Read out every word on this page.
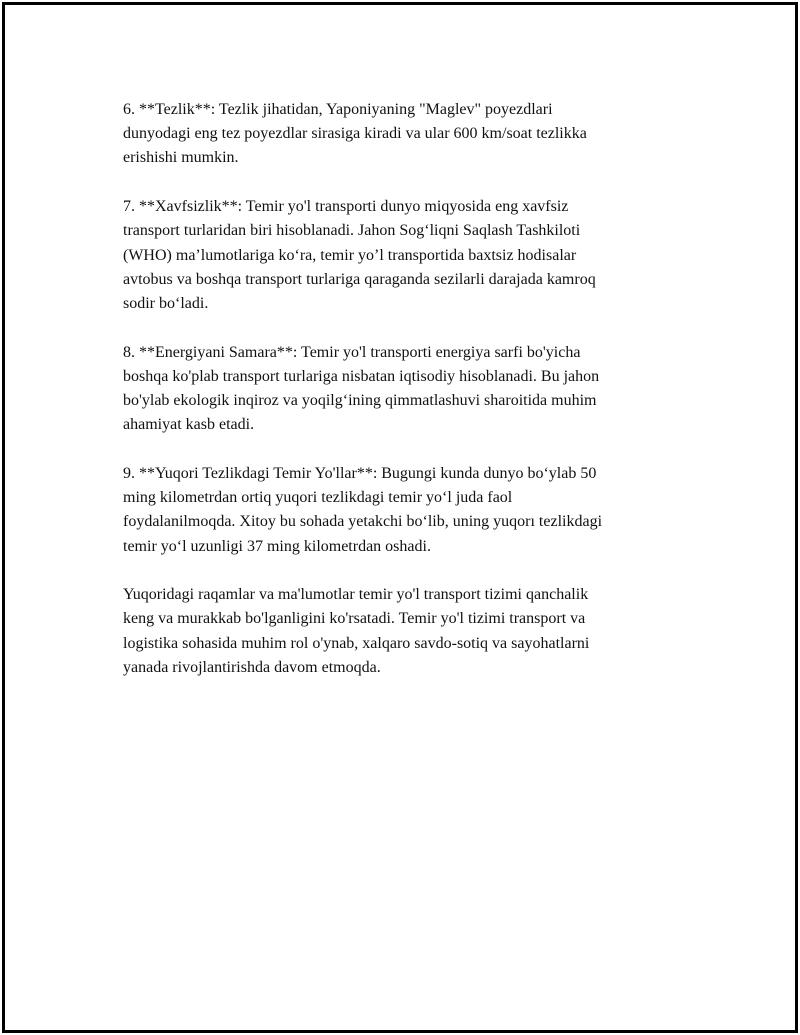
6. **Tezlik**: Tezlik jihatidan, Yaponiyaning "Maglev" poyezdlari
dunyodagi eng tez poyezdlar sirasiga kiradi va ular 600 km/soat tezlikka
erishishi mumkin.

7. **Xavfsizlik**: Temir yo'l transporti dunyo miqyosida eng xavfsiz
transport turlaridan biri hisoblanadi. Jahon Sog‘liqni Saqlash Tashkiloti
(WHO) ma’lumotlariga ko‘ra, temir yo’l transportida baxtsiz hodisalar
avtobus va boshqa transport turlariga qaraganda sezilarli darajada kamroq
sodir bo‘ladi.

8. **Energiyani Samara**: Temir yo'l transporti energiya sarfi bo'yicha
boshqa ko'plab transport turlariga nisbatan iqtisodiy hisoblanadi. Bu jahon
bo'ylab ekologik inqiroz va yoqilg‘ining qimmatlashuvi sharoitida muhim
ahamiyat kasb etadi.

9. **Yuqori Tezlikdagi Temir Yo'llar**: Bugungi kunda dunyo bo‘ylab 50
ming kilometrdan ortiq yuqori tezlikdagi temir yo‘l juda faol
foydalanilmoqda. Xitoy bu sohada yetakchi bo‘lib, uning yuqorı tezlikdagi
temir yo‘l uzunligi 37 ming kilometrdan oshadi.

Yuqoridagi raqamlar va ma'lumotlar temir yo'l transport tizimi qanchalik
keng va murakkab bo'lganligini ko'rsatadi. Temir yo'l tizimi transport va
logistika sohasida muhim rol o'ynab, xalqaro savdo-sotiq va sayohatlarni
yanada rivojlantirishda davom etmoqda.
